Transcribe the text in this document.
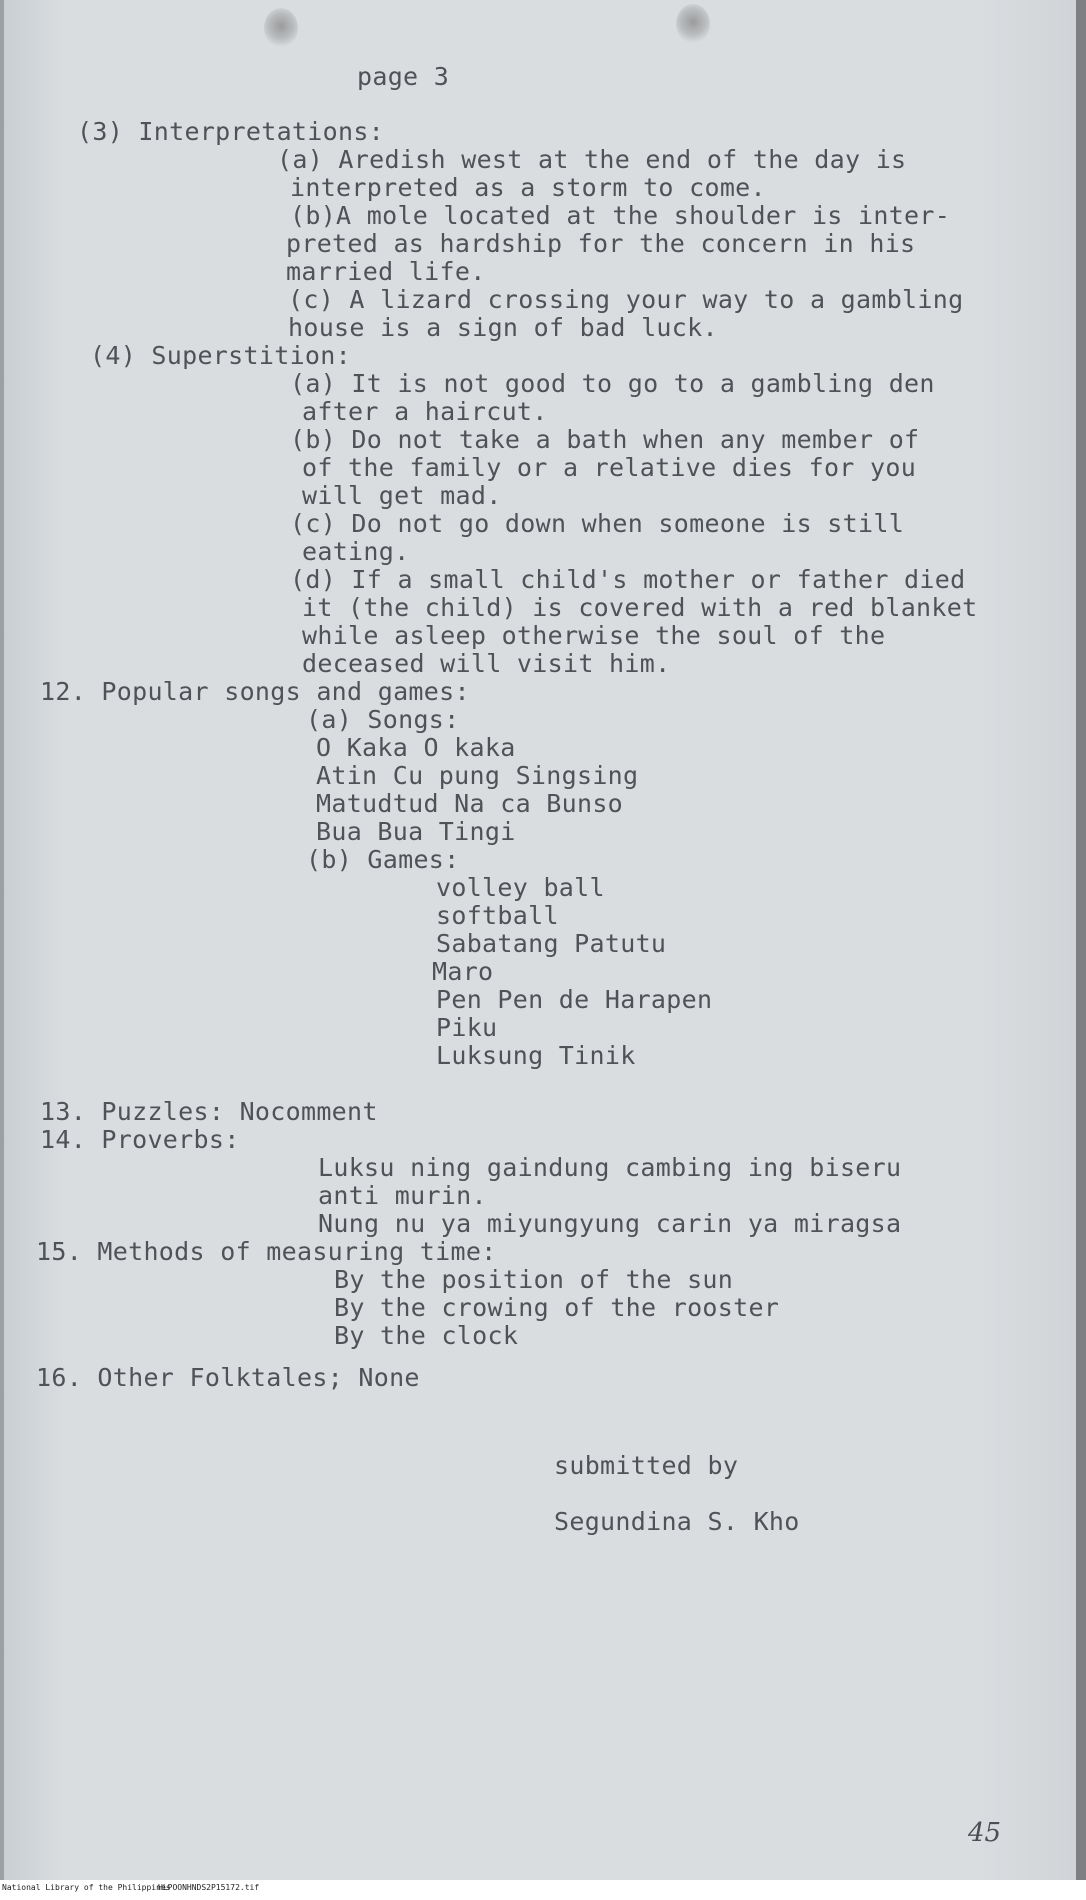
page 3
(3) Interpretations:
(a) Aredish west at the end of the day is
interpreted as a storm to come.
(b)A mole located at the shoulder is inter-
preted as hardship for the concern in his
married life.
(c) A lizard crossing your way to a gambling
house is a sign of bad luck.
(4) Superstition:
(a) It is not good to go to a gambling den
after a haircut.
(b) Do not take a bath when any member of
of the family or a relative dies for you
will get mad.
(c) Do not go down when someone is still
eating.
(d) If a small child's mother or father died
it (the child) is covered with a red blanket
while asleep otherwise the soul of the
deceased will visit him.
12. Popular songs and games:
(a) Songs:
O Kaka O kaka
Atin Cu pung Singsing
Matudtud Na ca Bunso
Bua Bua Tingi
(b) Games:
volley ball
softball
Sabatang Patutu
Maro
Pen Pen de Harapen
Piku
Luksung Tinik
13. Puzzles: Nocomment
14. Proverbs:
Luksu ning gaindung cambing ing biseru
anti murin.
Nung nu ya miyungyung carin ya miragsa
15. Methods of measuring time:
By the position of the sun
By the crowing of the rooster
By the clock
16. Other Folktales; None
submitted by
Segundina S. Kho
45
National Library of the Philippines
HLPOONHNDS2P15172.tif
